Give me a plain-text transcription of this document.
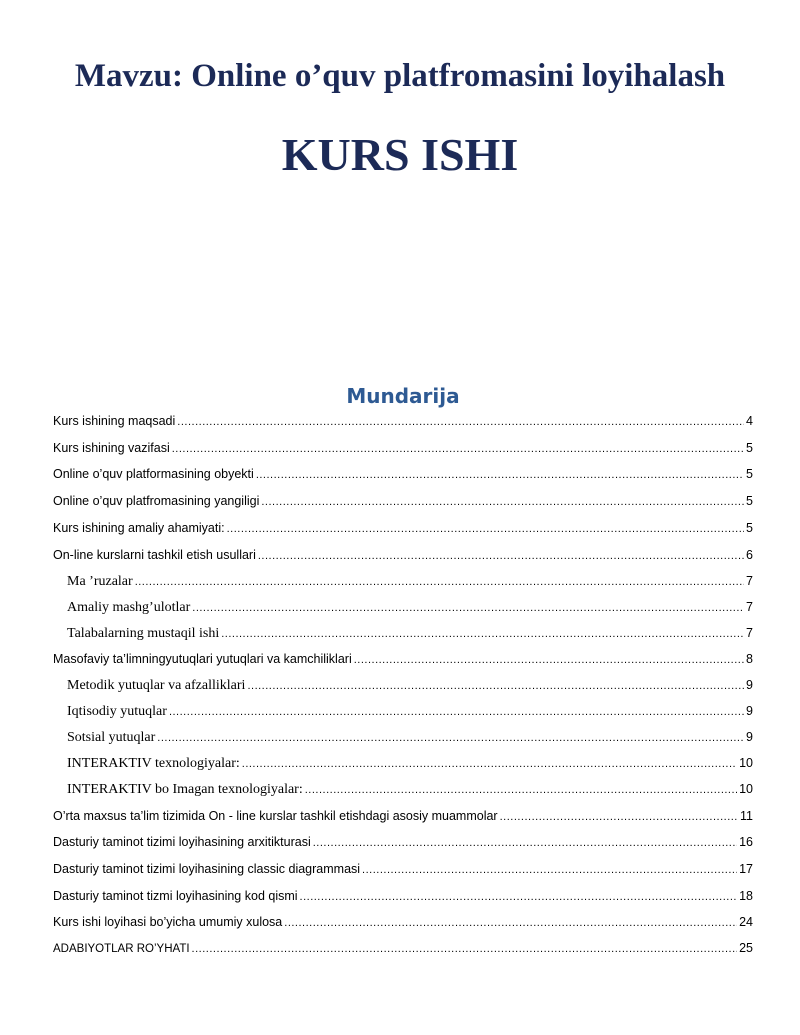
Mavzu: Online o’quv platfromasini loyihalash
KURS ISHI
Mundarija
Kurs ishining maqsadi .....	4
Kurs ishining vazifasi .....	5
Online o’quv platformasining obyekti .....	5
Online o’quv platfromasining yangiligi .....	5
Kurs ishining amaliy ahamiyati: .....	5
On-line kurslarni tashkil etish usullari .....	6
Ma ’ruzalar .....	7
Amaliy mashg’ulotlar .....	7
Talabalarning mustaqil ishi .....	7
Masofaviy ta’limningyutuqlari yutuqlari va kamchiliklari .....	8
Metodik yutuqlar va afzalliklari .....	9
Iqtisodiy yutuqlar .....	9
Sotsial yutuqlar .....	9
INTERAKTIV texnologiyalar: .....	10
INTERAKTIV bo Imagan texnologiyalar: .....	10
O’rta maxsus ta’lim tizimida On - line kurslar tashkil etishdagi asosiy muammolar .....	11
Dasturiy taminot tizimi loyihasining arxitikturasi .....	16
Dasturiy taminot tizimi loyihasining classic diagrammasi .....	17
Dasturiy taminot tizmi loyihasining kod qismi .....	18
Kurs ishi loyihasi bo’yicha umumiy xulosa .....	24
ADABIYOTLAR RO’YHATI .....	25
